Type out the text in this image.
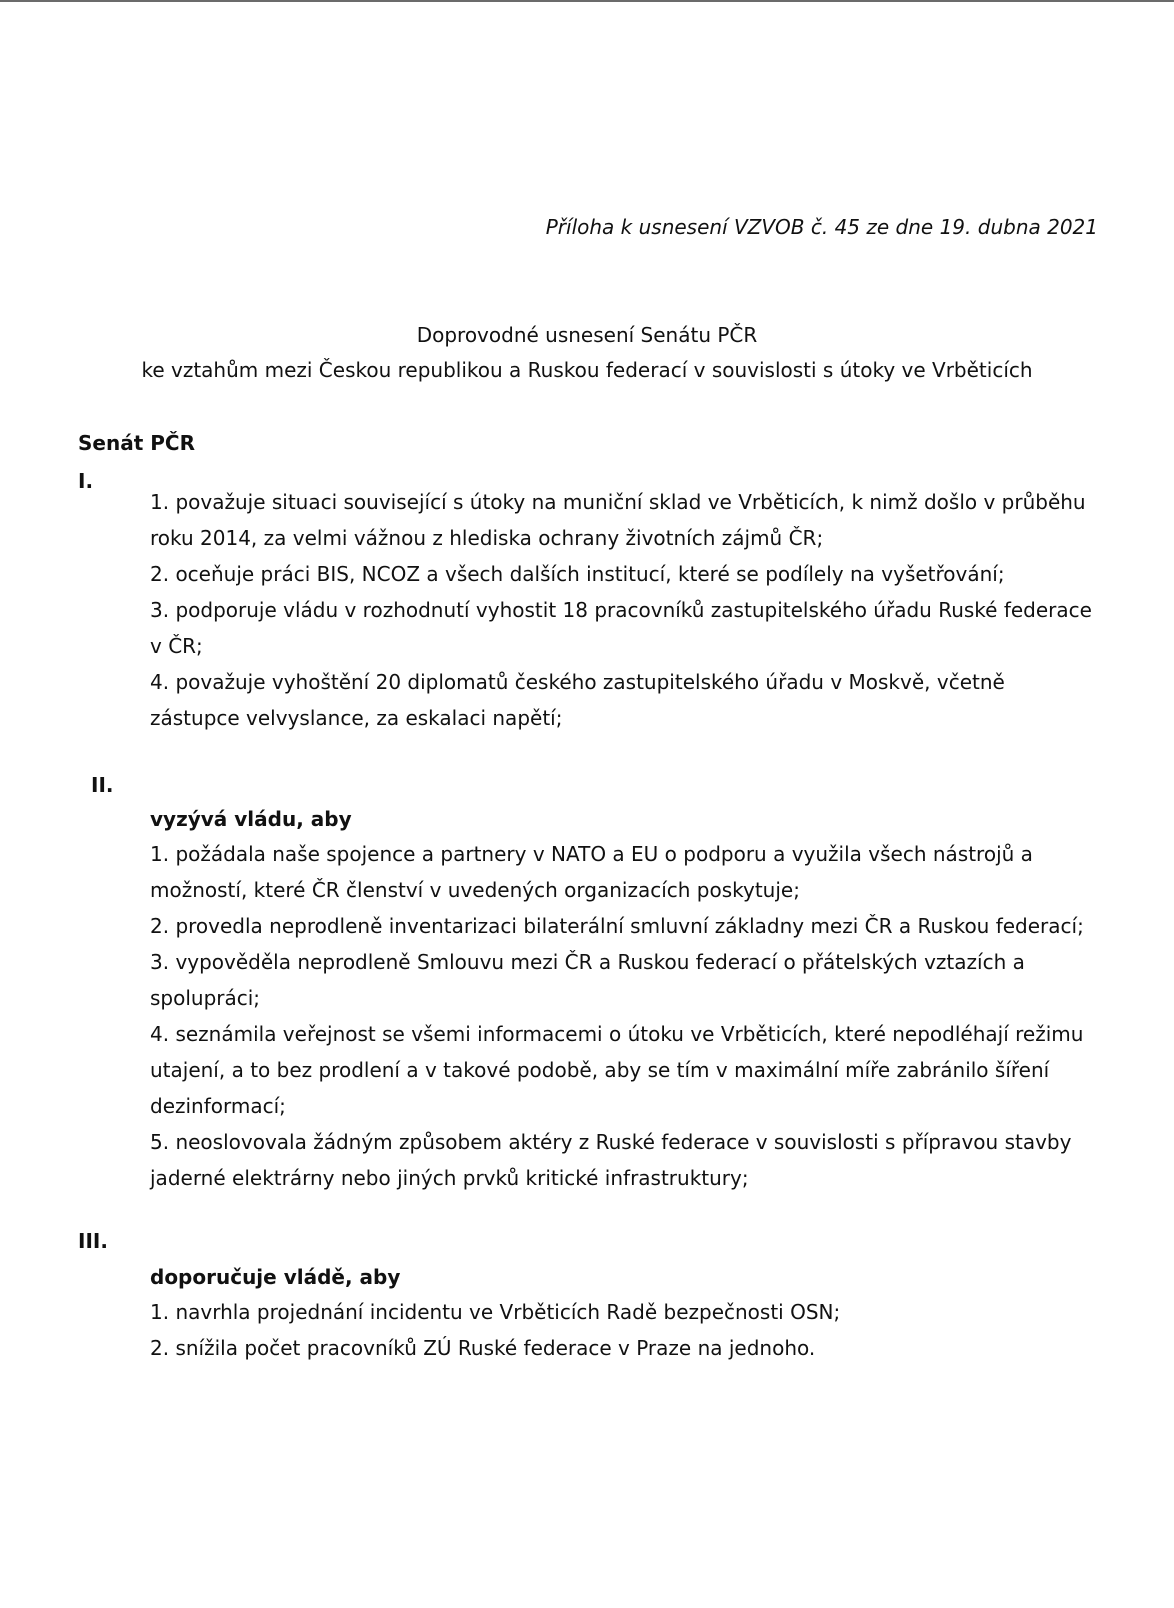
Příloha k usnesení VZVOB č. 45 ze dne 19. dubna 2021
Doprovodné usnesení Senátu PČR
ke vztahům mezi Českou republikou a Ruskou federací v souvislosti s útoky ve Vrběticích
Senát PČR
I.

1. považuje situaci související s útoky na muniční sklad ve Vrběticích, k nimž došlo v průběhu roku 2014, za velmi vážnou z hlediska ochrany životních zájmů ČR;

2. oceňuje práci BIS, NCOZ a všech dalších institucí, které se podílely na vyšetřování;

3. podporuje vládu v rozhodnutí vyhostit 18 pracovníků zastupitelského úřadu Ruské federace v ČR;

4. považuje vyhoštění 20 diplomatů českého zastupitelského úřadu v Moskvě, včetně zástupce velvyslance, za eskalaci napětí;

II.
vyzývá vládu, aby

1. požádala naše spojence a partnery v NATO a EU o podporu a využila všech nástrojů a možností, které ČR členství v uvedených organizacích poskytuje;

2. provedla neprodleně inventarizaci bilaterální smluvní základny mezi ČR a Ruskou federací;

3. vypověděla neprodleně Smlouvu mezi ČR a Ruskou federací o přátelských vztazích a spolupráci;

4. seznámila veřejnost se všemi informacemi o útoku ve Vrběticích, které nepodléhají režimu utajení, a to bez prodlení a v takové podobě, aby se tím v maximální míře zabránilo šíření dezinformací;

5. neoslovovala žádným způsobem aktéry z Ruské federace v souvislosti s přípravou stavby jaderné elektrárny nebo jiných prvků kritické infrastruktury;

III.
doporučuje vládě, aby

1. navrhla projednání incidentu ve Vrběticích Radě bezpečnosti OSN;

2. snížila počet pracovníků ZÚ Ruské federace v Praze na jednoho.
